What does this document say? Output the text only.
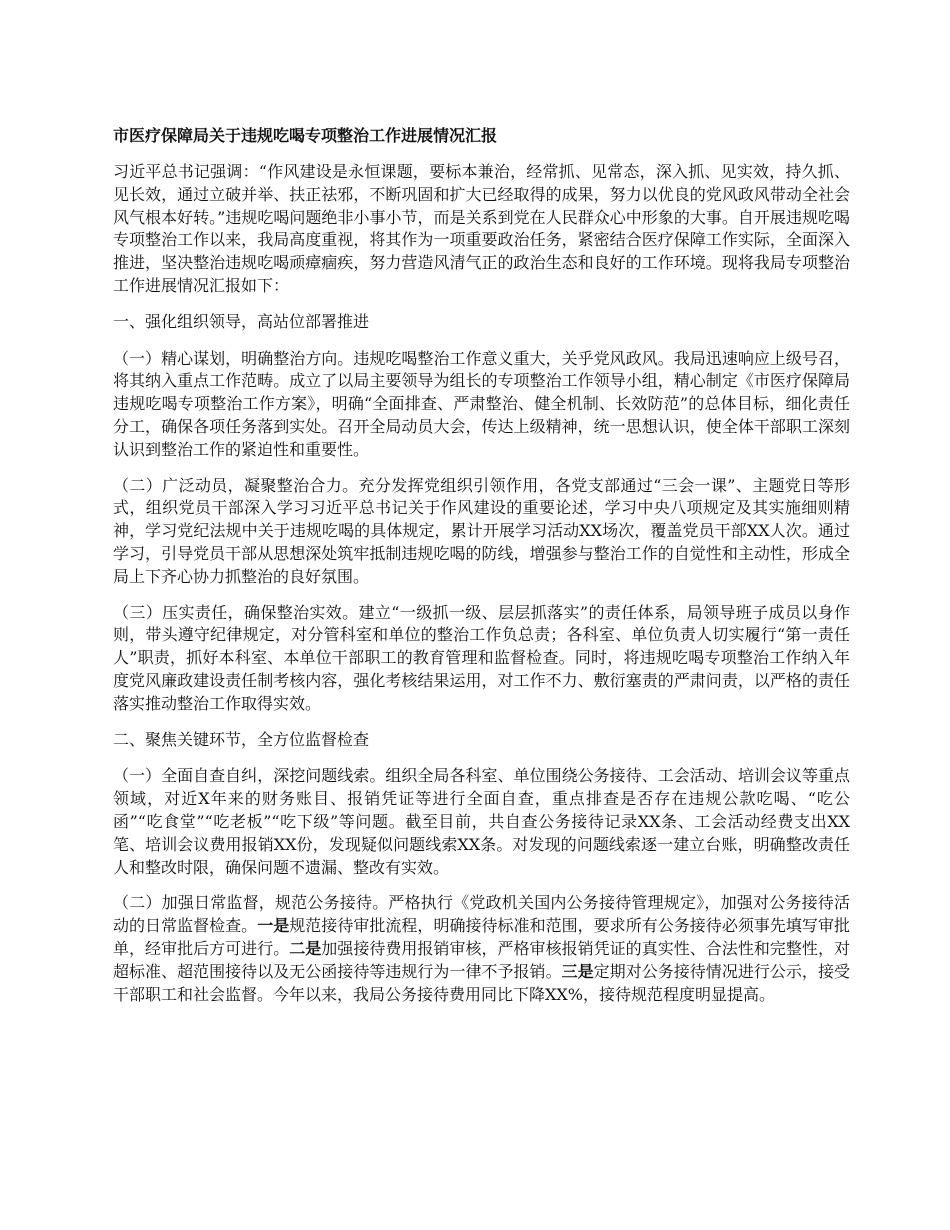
市医疗保障局关于违规吃喝专项整治工作进展情况汇报

习近平总书记强调：“作风建设是永恒课题，要标本兼治，经常抓、见常态，深入抓、见实效，持久抓、见长效，通过立破并举、扶正祛邪，不断巩固和扩大已经取得的成果，努力以优良的党风政风带动全社会风气根本好转。”违规吃喝问题绝非小事小节，而是关系到党在人民群众心中形象的大事。自开展违规吃喝专项整治工作以来，我局高度重视，将其作为一项重要政治任务，紧密结合医疗保障工作实际，全面深入推进，坚决整治违规吃喝顽瘴痼疾，努力营造风清气正的政治生态和良好的工作环境。现将我局专项整治工作进展情况汇报如下：

一、强化组织领导，高站位部署推进

（一）精心谋划，明确整治方向。违规吃喝整治工作意义重大，关乎党风政风。我局迅速响应上级号召，将其纳入重点工作范畴。成立了以局主要领导为组长的专项整治工作领导小组，精心制定《市医疗保障局违规吃喝专项整治工作方案》，明确“全面排查、严肃整治、健全机制、长效防范”的总体目标，细化责任分工，确保各项任务落到实处。召开全局动员大会，传达上级精神，统一思想认识，使全体干部职工深刻认识到整治工作的紧迫性和重要性。

（二）广泛动员，凝聚整治合力。充分发挥党组织引领作用，各党支部通过“三会一课”、主题党日等形式，组织党员干部深入学习习近平总书记关于作风建设的重要论述，学习中央八项规定及其实施细则精神，学习党纪法规中关于违规吃喝的具体规定，累计开展学习活动XX场次，覆盖党员干部XX人次。通过学习，引导党员干部从思想深处筑牢抵制违规吃喝的防线，增强参与整治工作的自觉性和主动性，形成全局上下齐心协力抓整治的良好氛围。

（三）压实责任，确保整治实效。建立“一级抓一级、层层抓落实”的责任体系，局领导班子成员以身作则，带头遵守纪律规定，对分管科室和单位的整治工作负总责；各科室、单位负责人切实履行“第一责任人”职责，抓好本科室、本单位干部职工的教育管理和监督检查。同时，将违规吃喝专项整治工作纳入年度党风廉政建设责任制考核内容，强化考核结果运用，对工作不力、敷衍塞责的严肃问责，以严格的责任落实推动整治工作取得实效。

二、聚焦关键环节，全方位监督检查

（一）全面自查自纠，深挖问题线索。组织全局各科室、单位围绕公务接待、工会活动、培训会议等重点领域，对近X年来的财务账目、报销凭证等进行全面自查，重点排查是否存在违规公款吃喝、“吃公函”“吃食堂”“吃老板”“吃下级”等问题。截至目前，共自查公务接待记录XX条、工会活动经费支出XX笔、培训会议费用报销XX份，发现疑似问题线索XX条。对发现的问题线索逐一建立台账，明确整改责任人和整改时限，确保问题不遗漏、整改有实效。

（二）加强日常监督，规范公务接待。严格执行《党政机关国内公务接待管理规定》，加强对公务接待活动的日常监督检查。一是规范接待审批流程，明确接待标准和范围，要求所有公务接待必须事先填写审批单，经审批后方可进行。二是加强接待费用报销审核，严格审核报销凭证的真实性、合法性和完整性，对超标准、超范围接待以及无公函接待等违规行为一律不予报销。三是定期对公务接待情况进行公示，接受干部职工和社会监督。今年以来，我局公务接待费用同比下降XX%，接待规范程度明显提高。
